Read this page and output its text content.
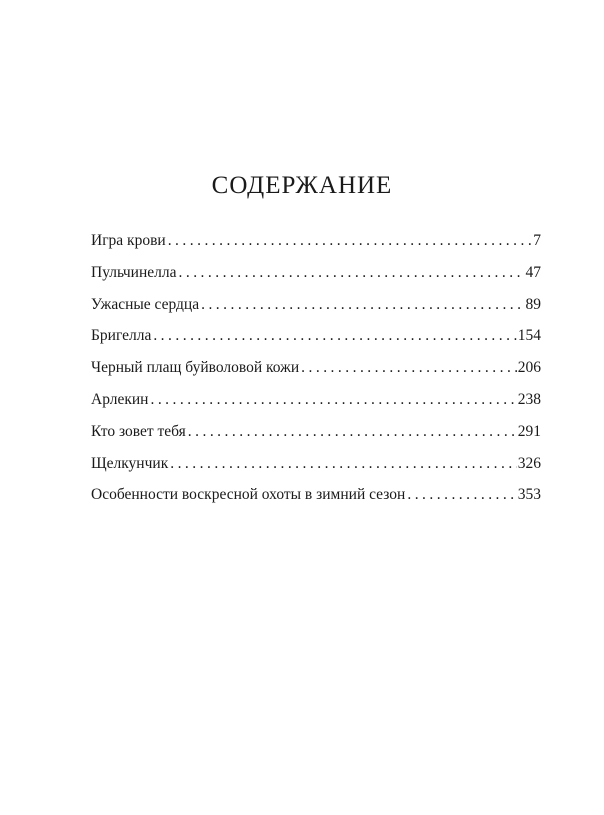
СОДЕРЖАНИЕ
Игра крови . . .	7
Пульчинелла . . .	47
Ужасные сердца . . .	89
Бригелла . . .	154
Черный плащ буйволовой кожи . . .	206
Арлекин . . .	238
Кто зовет тебя . . .	291
Щелкунчик . . .	326
Особенности воскресной охоты в зимний сезон . . .	353
